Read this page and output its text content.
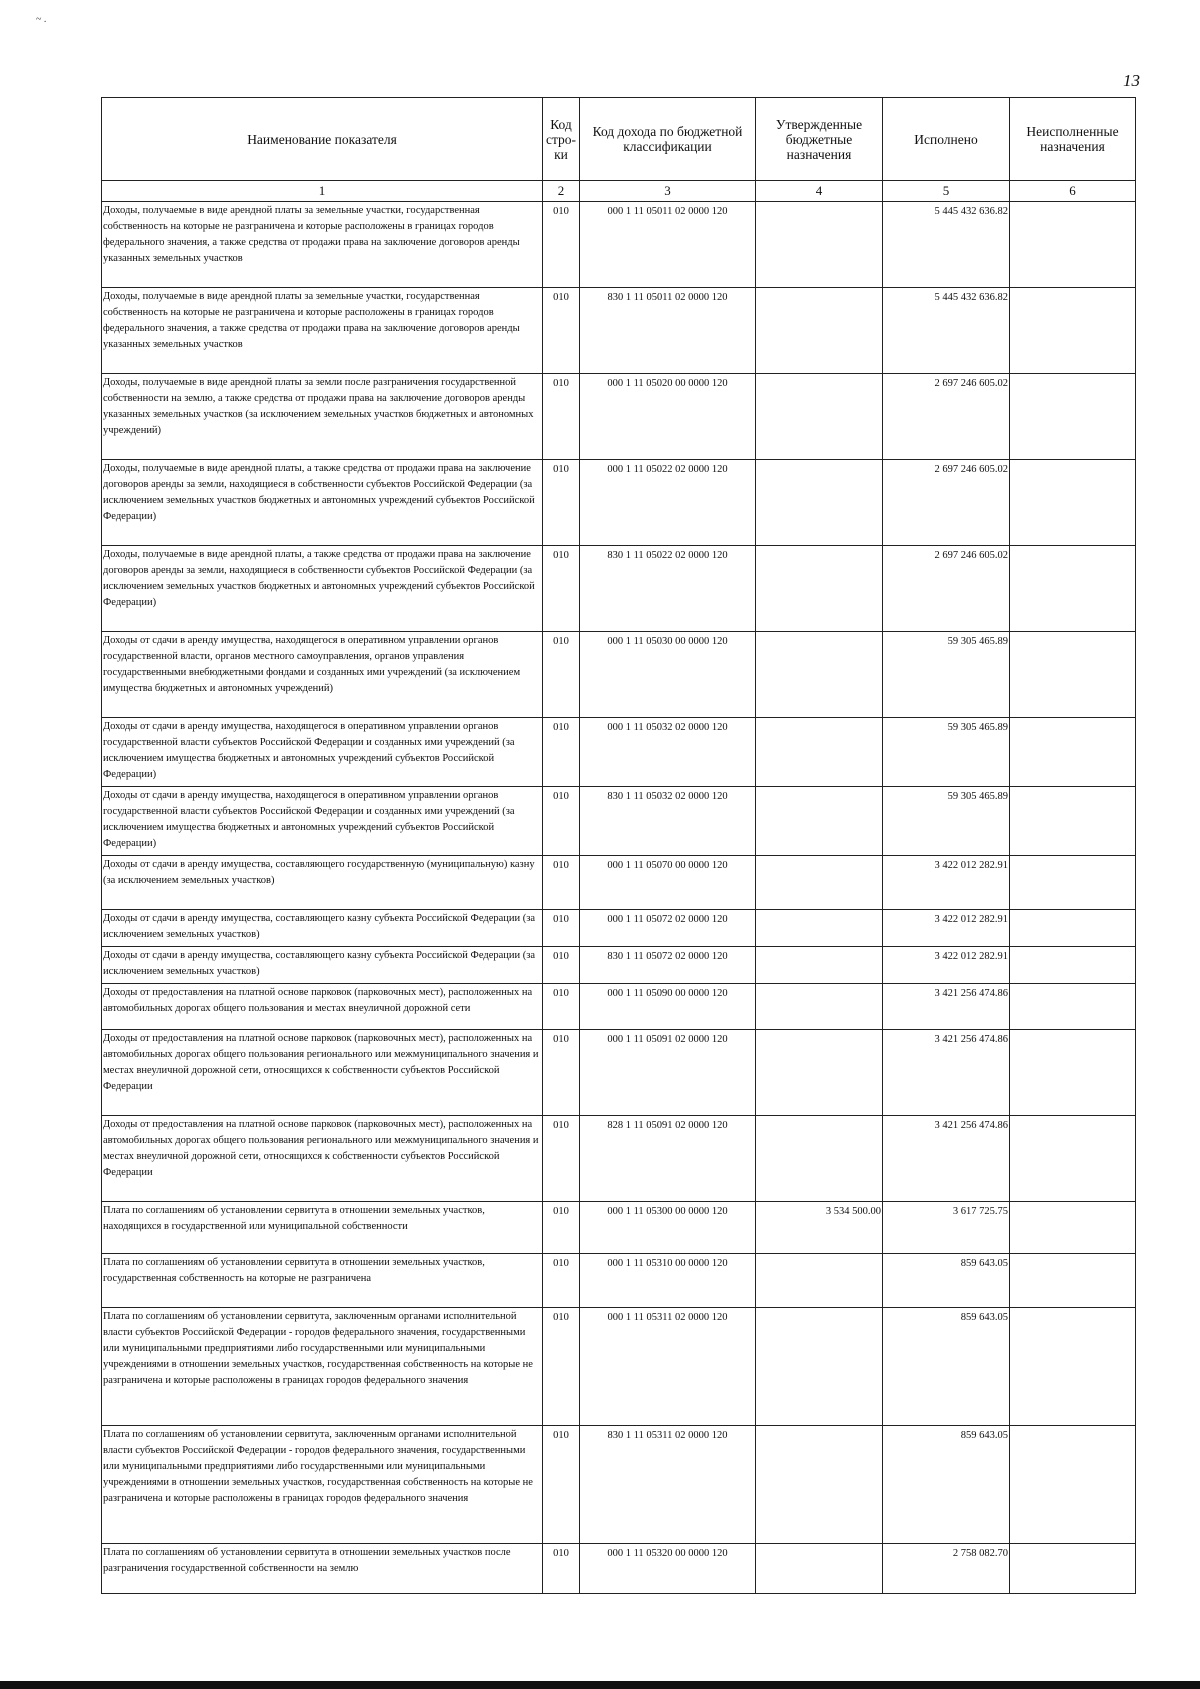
~ .
13
Наименование показателя	Код стро-ки	Код дохода по бюджетной классификации	Утвержденные бюджетные назначения	Исполнено	Неисполненные назначения
1	2	3	4	5	6
Доходы, получаемые в виде арендной платы за земельные участки, государственная собственность на которые не разграничена и которые расположены в границах городов федерального значения, а также средства от продажи права на заключение договоров аренды указанных земельных участков	010	000 1 11 05011 02 0000 120		5 445 432 636.82	
Доходы, получаемые в виде арендной платы за земельные участки, государственная собственность на которые не разграничена и которые расположены в границах городов федерального значения, а также средства от продажи права на заключение договоров аренды указанных земельных участков	010	830 1 11 05011 02 0000 120		5 445 432 636.82	
Доходы, получаемые в виде арендной платы за земли после разграничения государственной собственности на землю, а также средства от продажи права на заключение договоров аренды указанных земельных участков (за исключением земельных участков бюджетных и автономных учреждений)	010	000 1 11 05020 00 0000 120		2 697 246 605.02	
Доходы, получаемые в виде арендной платы, а также средства от продажи права на заключение договоров аренды за земли, находящиеся в собственности субъектов Российской Федерации (за исключением земельных участков бюджетных и автономных учреждений субъектов Российской Федерации)	010	000 1 11 05022 02 0000 120		2 697 246 605.02	
Доходы, получаемые в виде арендной платы, а также средства от продажи права на заключение договоров аренды за земли, находящиеся в собственности субъектов Российской Федерации (за исключением земельных участков бюджетных и автономных учреждений субъектов Российской Федерации)	010	830 1 11 05022 02 0000 120		2 697 246 605.02	
Доходы от сдачи в аренду имущества, находящегося в оперативном управлении органов государственной власти, органов местного самоуправления, органов управления государственными внебюджетными фондами и созданных ими учреждений (за исключением имущества бюджетных и автономных учреждений)	010	000 1 11 05030 00 0000 120		59 305 465.89	
Доходы от сдачи в аренду имущества, находящегося в оперативном управлении органов государственной власти субъектов Российской Федерации и созданных ими учреждений (за исключением имущества бюджетных и автономных учреждений субъектов Российской Федерации)	010	000 1 11 05032 02 0000 120		59 305 465.89	
Доходы от сдачи в аренду имущества, находящегося в оперативном управлении органов государственной власти субъектов Российской Федерации и созданных ими учреждений (за исключением имущества бюджетных и автономных учреждений субъектов Российской Федерации)	010	830 1 11 05032 02 0000 120		59 305 465.89	
Доходы от сдачи в аренду имущества, составляющего государственную (муниципальную) казну (за исключением земельных участков)	010	000 1 11 05070 00 0000 120		3 422 012 282.91	
Доходы от сдачи в аренду имущества, составляющего казну субъекта Российской Федерации (за исключением земельных участков)	010	000 1 11 05072 02 0000 120		3 422 012 282.91	
Доходы от сдачи в аренду имущества, составляющего казну субъекта Российской Федерации (за исключением земельных участков)	010	830 1 11 05072 02 0000 120		3 422 012 282.91	
Доходы от предоставления на платной основе парковок (парковочных мест), расположенных на автомобильных дорогах общего пользования и местах внеуличной дорожной сети	010	000 1 11 05090 00 0000 120		3 421 256 474.86	
Доходы от предоставления на платной основе парковок (парковочных мест), расположенных на автомобильных дорогах общего пользования регионального или межмуниципального значения и местах внеуличной дорожной сети, относящихся к собственности субъектов Российской Федерации	010	000 1 11 05091 02 0000 120		3 421 256 474.86	
Доходы от предоставления на платной основе парковок (парковочных мест), расположенных на автомобильных дорогах общего пользования регионального или межмуниципального значения и местах внеуличной дорожной сети, относящихся к собственности субъектов Российской Федерации	010	828 1 11 05091 02 0000 120		3 421 256 474.86	
Плата по соглашениям об установлении сервитута в отношении земельных участков, находящихся в государственной или муниципальной собственности	010	000 1 11 05300 00 0000 120	3 534 500.00	3 617 725.75	
Плата по соглашениям об установлении сервитута в отношении земельных участков, государственная собственность на которые не разграничена	010	000 1 11 05310 00 0000 120		859 643.05	
Плата по соглашениям об установлении сервитута, заключенным органами исполнительной власти субъектов Российской Федерации - городов федерального значения, государственными или муниципальными предприятиями либо государственными или муниципальными учреждениями в отношении земельных участков, государственная собственность на которые не разграничена и которые расположены в границах городов федерального значения	010	000 1 11 05311 02 0000 120		859 643.05	
Плата по соглашениям об установлении сервитута, заключенным органами исполнительной власти субъектов Российской Федерации - городов федерального значения, государственными или муниципальными предприятиями либо государственными или муниципальными учреждениями в отношении земельных участков, государственная собственность на которые не разграничена и которые расположены в границах городов федерального значения	010	830 1 11 05311 02 0000 120		859 643.05	
Плата по соглашениям об установлении сервитута в отношении земельных участков после разграничения государственной собственности на землю	010	000 1 11 05320 00 0000 120		2 758 082.70	
